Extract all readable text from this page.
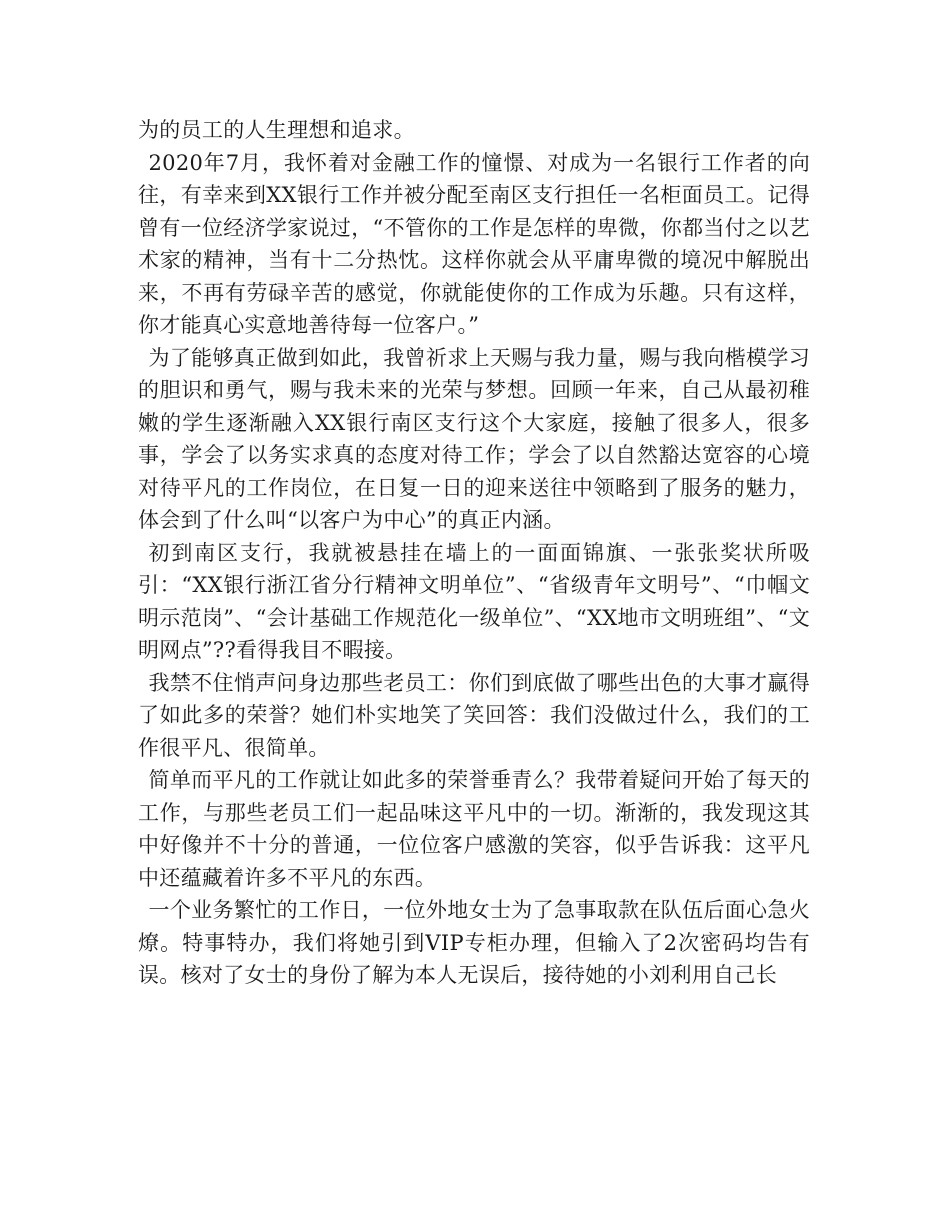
为的员工的人生理想和追求。

2020年7月，我怀着对金融工作的憧憬、对成为一名银行工作者的向往，有幸来到XX银行工作并被分配至南区支行担任一名柜面员工。记得曾有一位经济学家说过，“不管你的工作是怎样的卑微，你都当付之以艺术家的精神，当有十二分热忱。这样你就会从平庸卑微的境况中解脱出来，不再有劳碌辛苦的感觉，你就能使你的工作成为乐趣。只有这样，你才能真心实意地善待每一位客户。”

为了能够真正做到如此，我曾祈求上天赐与我力量，赐与我向楷模学习的胆识和勇气，赐与我未来的光荣与梦想。回顾一年来，自己从最初稚嫩的学生逐渐融入XX银行南区支行这个大家庭，接触了很多人，很多事，学会了以务实求真的态度对待工作；学会了以自然豁达宽容的心境对待平凡的工作岗位，在日复一日的迎来送往中领略到了服务的魅力，体会到了什么叫“以客户为中心”的真正内涵。

初到南区支行，我就被悬挂在墙上的一面面锦旗、一张张奖状所吸引：“XX银行浙江省分行精神文明单位”、“省级青年文明号”、“巾帼文明示范岗”、“会计基础工作规范化一级单位”、“XX地市文明班组”、“文明网点”??看得我目不暇接。

我禁不住悄声问身边那些老员工：你们到底做了哪些出色的大事才赢得了如此多的荣誉？她们朴实地笑了笑回答：我们没做过什么，我们的工作很平凡、很简单。

简单而平凡的工作就让如此多的荣誉垂青么？我带着疑问开始了每天的工作，与那些老员工们一起品味这平凡中的一切。渐渐的，我发现这其中好像并不十分的普通，一位位客户感激的笑容，似乎告诉我：这平凡中还蕴藏着许多不平凡的东西。

一个业务繁忙的工作日，一位外地女士为了急事取款在队伍后面心急火燎。特事特办，我们将她引到VIP专柜办理，但输入了2次密码均告有误。核对了女士的身份了解为本人无误后，接待她的小刘利用自己长
